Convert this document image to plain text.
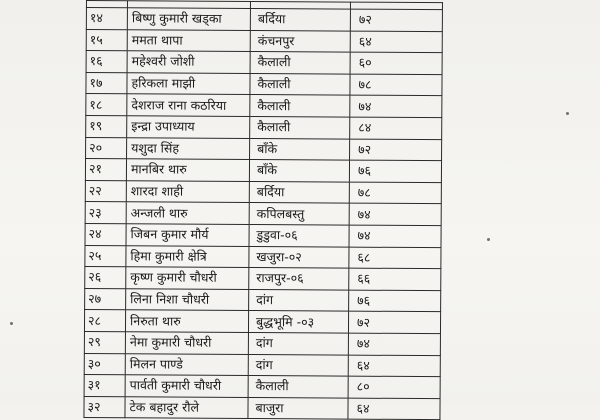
१४	बिष्णु कुमारी खड्का	बर्दिया	७२
१५	ममता थापा	कंचनपुर	६४
१६	महेश्वरी जोशी	कैलाली	६०
१७	हरिकला माझी	कैलाली	७८
१८	देशराज राना कठरिया	कैलाली	७४
१९	इन्द्रा उपाध्याय	कैलाली	८४
२०	यशुदा सिंह	बाँके	७२
२१	मानबिर थारु	बाँके	७६
२२	शारदा शाही	बर्दिया	७८
२३	अन्जली थारु	कपिलबस्तु	७४
२४	जिबन कुमार मौर्य	डुडुवा-०६	७४
२५	हिमा कुमारी क्षेत्रि	खजुरा-०२	६८
२६	कृष्ण कुमारी चौधरी	राजपुर-०६	६६
२७	लिना निशा चौधरी	दांग	७६
२८	निरुता थारु	बुद्धभूमि -०३	७२
२९	नेमा कुमारी चौधरी	दांग	७४
३०	मिलन पाण्डे	दांग	६४
३१	पार्वती कुमारी चौधरी	कैलाली	८०
३२	टेक बहादुर रौले	बाजुरा	६४
